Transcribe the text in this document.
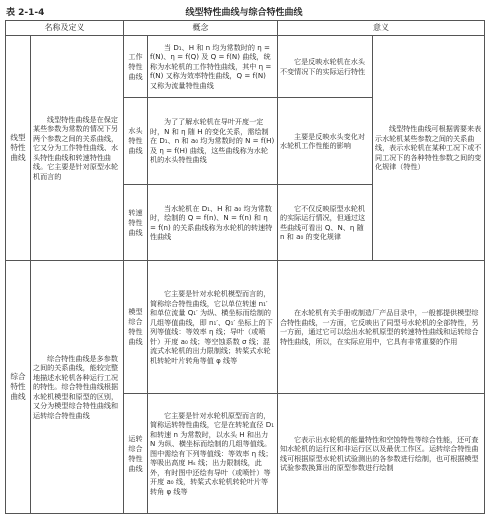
表 2-1-4	线型特性曲线与综合特性曲线
名称及定义		概念		意义	
线型特性曲线	线型特性曲线是在保定某些参数为常数的情况下另两个参数之间的关系曲线，它又分为工作特性曲线、水头特性曲线和转速特性曲线。它主要是针对原型水轮机而言的	工作特性曲线	当 D₁、H 和 n 均为常数时的 η = f(N)、η = f(Q) 及 Q = f(N) 曲线，统称为水轮机的工作特性曲线，其中 η = f(N) 又称为效率特性曲线，Q = f(N) 又称为流量特性曲线	它是反映水轮机在水头不变情况下的实际运行特性	线型特性曲线可根据需要来表示水轮机某些参数之间的关系曲线，表示水轮机在某种工况下或不同工况下的各种特性参数之间的变化规律（特性）
		水头特性曲线	为了了解水轮机在导叶开度一定时，N 和 η 随 H 的变化关系，需绘制在 D₁、n 和 a₀ 均为常数时的 N = f(H) 及 η = f(H) 曲线，这些曲线称为水轮机的水头特性曲线	主要是反映水头变化对水轮机工作性能的影响	
		转速特性曲线	当水轮机在 D₁、H 和 a₀ 均为常数时，绘制的 Q = f(n)、N = f(n) 和 η = f(n) 的关系曲线称为水轮机的转速特性曲线	它不仅反映原型水轮机的实际运行情况，但通过这些曲线可看出 Q、N、η 随 n 和 a₀ 的变化规律	
综合特性曲线	综合特性曲线是多参数之间的关系曲线，能较完整地描述水轮机各种运行工况的特性。综合特性曲线根据水轮机模型和原型的区别，又分为模型综合特性曲线和运转综合特性曲线	模型综合特性曲线	它主要是针对水轮机模型而言的，简称综合特性曲线，它以单位转速 n₁′ 和单位流量 Q₁′ 为纵、横坐标而绘制的几组等值曲线，即 n₁′、Q₁′ 坐标上的下列等值线：等效率 η 线；导叶（或喷针）开度 a₀ 线；等空蚀系数 σ 线；混流式水轮机的出力限制线；转桨式水轮机转轮叶片转角等值 φ 线等	在水轮机有关手册或制造厂产品目录中，一般都提供模型综合特性曲线，一方面，它反映出了同型号水轮机的全部特性，另一方面，通过它可以绘出水轮机原型的转速特性曲线和运转综合特性曲线，所以，在实际应用中，它具有非常重要的作用	
		运转综合特性曲线	它主要是针对水轮机原型而言的，简称运转特性曲线，它是在转轮直径 D₁ 和转速 n 为常数时，以水头 H 和出力 N 为纵、横坐标而绘制的几组等值线。图中需绘有下列等值线：等效率 η 线；等吸出高度 Hₛ 线；出力限制线，此外，有时图中还绘有导叶（或喷针）等开度 a₀ 线，转桨式水轮机转轮叶片等转角 φ 线等	它表示出水轮机的能量特性和空蚀特性等综合性能，还可查知水轮机的运行区和非运行区以及最优工作区。运转综合特性曲线可根据原型水轮机试验测出的各参数进行绘制，也可根据模型试验参数换算出的原型参数进行绘制	
